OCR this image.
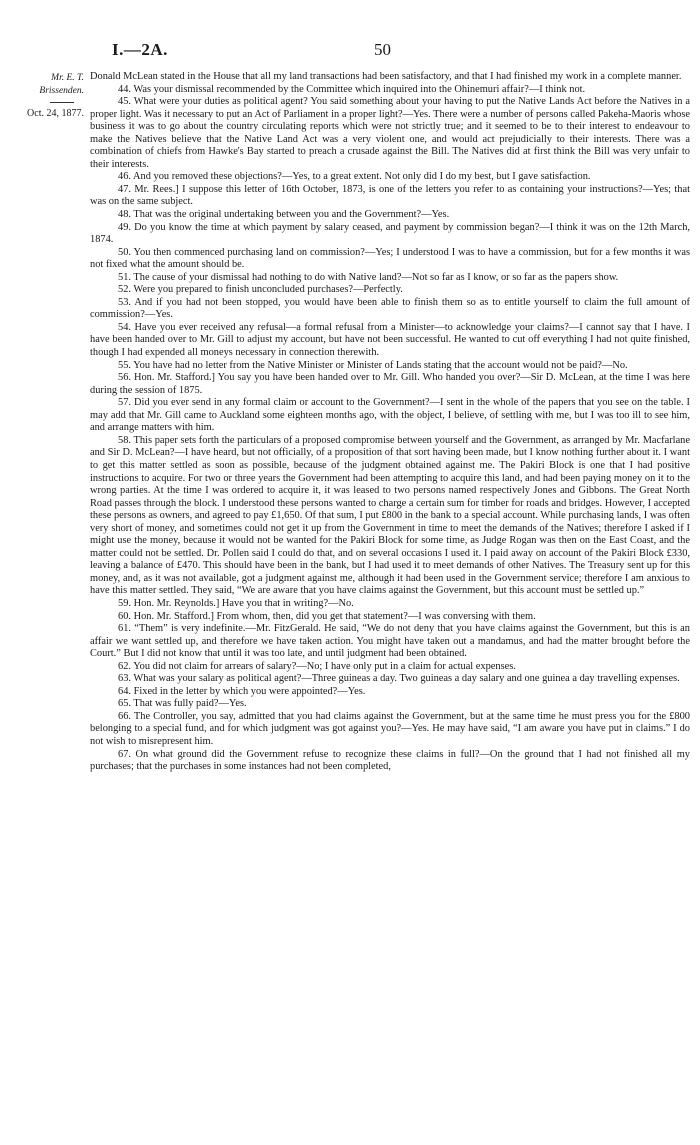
I.—2A.	50
Mr. E. T. Brissenden.
Oct. 24, 1877.

Donald McLean stated in the House that all my land transactions had been satisfactory, and that I had finished my work in a complete manner.

44. Was your dismissal recommended by the Committee which inquired into the Ohinemuri affair?—I think not.

45. What were your duties as political agent? You said something about your having to put the Native Lands Act before the Natives in a proper light. Was it necessary to put an Act of Parliament in a proper light?—Yes. There were a number of persons called Pakeha-Maoris whose business it was to go about the country circulating reports which were not strictly true; and it seemed to be to their interest to endeavour to make the Natives believe that the Native Land Act was a very violent one, and would act prejudicially to their interests. There was a combination of chiefs from Hawke's Bay started to preach a crusade against the Bill. The Natives did at first think the Bill was very unfair to their interests.

46. And you removed these objections?—Yes, to a great extent. Not only did I do my best, but I gave satisfaction.

47. Mr. Rees.] I suppose this letter of 16th October, 1873, is one of the letters you refer to as containing your instructions?—Yes; that was on the same subject.

48. That was the original undertaking between you and the Government?—Yes.

49. Do you know the time at which payment by salary ceased, and payment by commission began?—I think it was on the 12th March, 1874.

50. You then commenced purchasing land on commission?—Yes; I understood I was to have a commission, but for a few months it was not fixed what the amount should be.

51. The cause of your dismissal had nothing to do with Native land?—Not so far as I know, or so far as the papers show.

52. Were you prepared to finish unconcluded purchases?—Perfectly.

53. And if you had not been stopped, you would have been able to finish them so as to entitle yourself to claim the full amount of commission?—Yes.

54. Have you ever received any refusal—a formal refusal from a Minister—to acknowledge your claims?—I cannot say that I have. I have been handed over to Mr. Gill to adjust my account, but have not been successful. He wanted to cut off everything I had not quite finished, though I had expended all moneys necessary in connection therewith.

55. You have had no letter from the Native Minister or Minister of Lands stating that the account would not be paid?—No.

56. Hon. Mr. Stafford.] You say you have been handed over to Mr. Gill. Who handed you over?—Sir D. McLean, at the time I was here during the session of 1875.

57. Did you ever send in any formal claim or account to the Government?—I sent in the whole of the papers that you see on the table. I may add that Mr. Gill came to Auckland some eighteen months ago, with the object, I believe, of settling with me, but I was too ill to see him, and arrange matters with him.

58. This paper sets forth the particulars of a proposed compromise between yourself and the Government, as arranged by Mr. Macfarlane and Sir D. McLean?—I have heard, but not officially, of a proposition of that sort having been made, but I know nothing further about it. I want to get this matter settled as soon as possible, because of the judgment obtained against me. The Pakiri Block is one that I had positive instructions to acquire. For two or three years the Government had been attempting to acquire this land, and had been paying money on it to the wrong parties. At the time I was ordered to acquire it, it was leased to two persons named respectively Jones and Gibbons. The Great North Road passes through the block. I understood these persons wanted to charge a certain sum for timber for roads and bridges. However, I accepted these persons as owners, and agreed to pay £1,650. Of that sum, I put £800 in the bank to a special account. While purchasing lands, I was often very short of money, and sometimes could not get it up from the Government in time to meet the demands of the Natives; therefore I asked if I might use the money, because it would not be wanted for the Pakiri Block for some time, as Judge Rogan was then on the East Coast, and the matter could not be settled. Dr. Pollen said I could do that, and on several occasions I used it. I paid away on account of the Pakiri Block £330, leaving a balance of £470. This should have been in the bank, but I had used it to meet demands of other Natives. The Treasury sent up for this money, and, as it was not available, got a judgment against me, although it had been used in the Government service; therefore I am anxious to have this matter settled. They said, “We are aware that you have claims against the Government, but this account must be settled up.”

59. Hon. Mr. Reynolds.] Have you that in writing?—No.

60. Hon. Mr. Stafford.] From whom, then, did you get that statement?—I was conversing with them.

61. “Them” is very indefinite.—Mr. FitzGerald. He said, “We do not deny that you have claims against the Government, but this is an affair we want settled up, and therefore we have taken action. You might have taken out a mandamus, and had the matter brought before the Court.” But I did not know that until it was too late, and until judgment had been obtained.

62. You did not claim for arrears of salary?—No; I have only put in a claim for actual expenses.

63. What was your salary as political agent?—Three guineas a day. Two guineas a day salary and one guinea a day travelling expenses.

64. Fixed in the letter by which you were appointed?—Yes.

65. That was fully paid?—Yes.

66. The Controller, you say, admitted that you had claims against the Government, but at the same time he must press you for the £800 belonging to a special fund, and for which judgment was got against you?—Yes. He may have said, “I am aware you have put in claims.” I do not wish to misrepresent him.

67. On what ground did the Government refuse to recognize these claims in full?—On the ground that I had not finished all my purchases; that the purchases in some instances had not been completed,
